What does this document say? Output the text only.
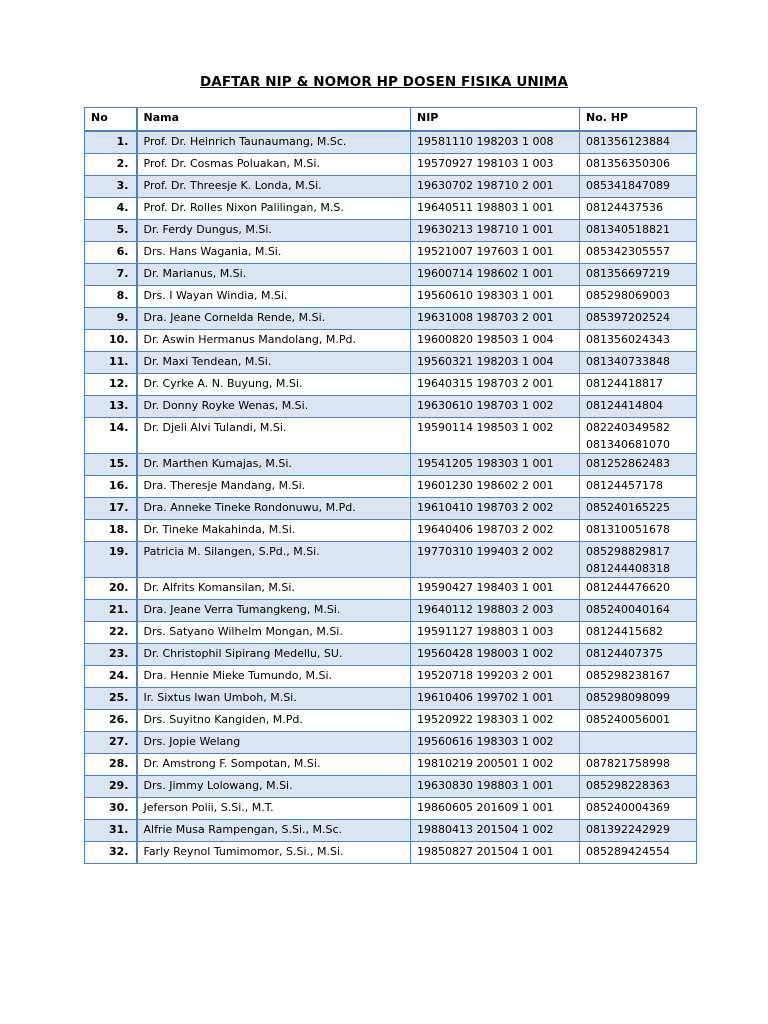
DAFTAR NIP & NOMOR HP DOSEN FISIKA UNIMA
No	Nama	NIP	No. HP
1.	Prof. Dr. Heinrich Taunaumang, M.Sc.	19581110 198203 1 008	081356123884

2.	Prof. Dr. Cosmas Poluakan, M.Si.	19570927 198103 1 003	081356350306

3.	Prof. Dr. Threesje K. Londa, M.Si.	19630702 198710 2 001	085341847089

4.	Prof. Dr. Rolles Nixon Palilingan, M.S.	19640511 198803 1 001	08124437536

5.	Dr. Ferdy Dungus, M.Si.	19630213 198710 1 001	081340518821

6.	Drs. Hans Wagania, M.Si.	19521007 197603 1 001	085342305557

7.	Dr. Marianus, M.Si.	19600714 198602 1 001	081356697219

8.	Drs. I Wayan Windia, M.Si.	19560610 198303 1 001	085298069003

9.	Dra. Jeane Cornelda Rende, M.Si.	19631008 198703 2 001	085397202524

10.	Dr. Aswin Hermanus Mandolang, M.Pd.	19600820 198503 1 004	081356024343

11.	Dr. Maxi Tendean, M.Si.	19560321 198203 1 004	081340733848

12.	Dr. Cyrke A. N. Buyung, M.Si.	19640315 198703 2 001	08124418817

13.	Dr. Donny Royke Wenas, M.Si.	19630610 198703 1 002	08124414804

14.	Dr. Djeli Alvi Tulandi, M.Si.	19590114 198503 1 002	082240349582
081340681070

15.	Dr. Marthen Kumajas, M.Si.	19541205 198303 1 001	081252862483

16.	Dra. Theresje Mandang, M.Si.	19601230 198602 2 001	08124457178

17.	Dra. Anneke Tineke Rondonuwu, M.Pd.	19610410 198703 2 002	085240165225

18.	Dr. Tineke Makahinda, M.Si.	19640406 198703 2 002	081310051678

19.	Patricia M. Silangen, S.Pd., M.Si.	19770310 199403 2 002	085298829817
081244408318

20.	Dr. Alfrits Komansilan, M.Si.	19590427 198403 1 001	081244476620

21.	Dra. Jeane Verra Tumangkeng, M.Si.	19640112 198803 2 003	085240040164

22.	Drs. Satyano Wilhelm Mongan, M.Si.	19591127 198803 1 003	08124415682

23.	Dr. Christophil Sipirang Medellu, SU.	19560428 198003 1 002	08124407375

24.	Dra. Hennie Mieke Tumundo, M.Si.	19520718 199203 2 001	085298238167

25.	Ir. Sixtus Iwan Umboh, M.Si.	19610406 199702 1 001	085298098099

26.	Drs. Suyitno Kangiden, M.Pd.	19520922 198303 1 002	085240056001

27.	Drs. Jopie Welang	19560616 198303 1 002	

28.	Dr. Amstrong F. Sompotan, M.Si.	19810219 200501 1 002	087821758998

29.	Drs. Jimmy Lolowang, M.Si.	19630830 198803 1 001	085298228363

30.	Jeferson Polii, S.Si., M.T.	19860605 201609 1 001	085240004369

31.	Alfrie Musa Rampengan, S.Si., M.Sc.	19880413 201504 1 002	081392242929

32.	Farly Reynol Tumimomor, S.Si., M.Si.	19850827 201504 1 001	085289424554
